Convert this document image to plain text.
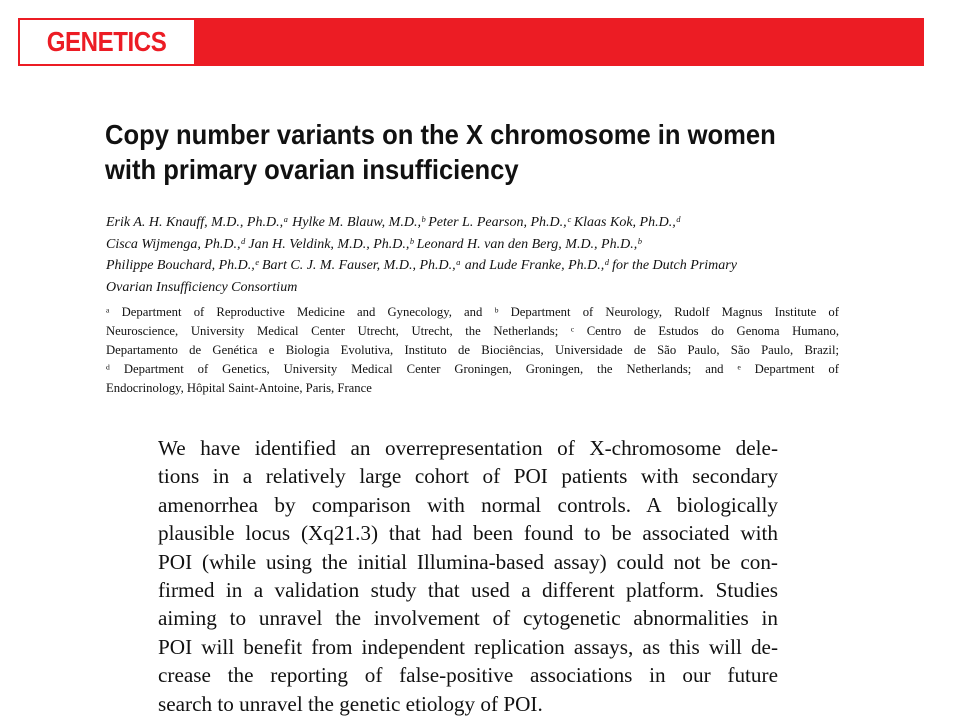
GENETICS
Copy number variants on the X chromosome in women
with primary ovarian insufficiency
Erik A. H. Knauff, M.D., Ph.D.,ᵃ Hylke M. Blauw, M.D.,ᵇ Peter L. Pearson, Ph.D.,ᶜ Klaas Kok, Ph.D.,ᵈ
Cisca Wijmenga, Ph.D.,ᵈ Jan H. Veldink, M.D., Ph.D.,ᵇ Leonard H. van den Berg, M.D., Ph.D.,ᵇ
Philippe Bouchard, Ph.D.,ᵉ Bart C. J. M. Fauser, M.D., Ph.D.,ᵃ and Lude Franke, Ph.D.,ᵈ for the Dutch Primary
Ovarian Insufficiency Consortium
ᵃ Department of Reproductive Medicine and Gynecology, and ᵇ Department of Neurology, Rudolf Magnus Institute of
Neuroscience, University Medical Center Utrecht, Utrecht, the Netherlands; ᶜ Centro de Estudos do Genoma Humano,
Departamento de Genética e Biologia Evolutiva, Instituto de Biociências, Universidade de São Paulo, São Paulo, Brazil;
ᵈ Department of Genetics, University Medical Center Groningen, Groningen, the Netherlands; and ᵉ Department of
Endocrinology, Hôpital Saint-Antoine, Paris, France
We have identified an overrepresentation of X-chromosome dele-
tions in a relatively large cohort of POI patients with secondary
amenorrhea by comparison with normal controls. A biologically
plausible locus (Xq21.3) that had been found to be associated with
POI (while using the initial Illumina-based assay) could not be con-
firmed in a validation study that used a different platform. Studies
aiming to unravel the involvement of cytogenetic abnormalities in
POI will benefit from independent replication assays, as this will de-
crease the reporting of false-positive associations in our future
search to unravel the genetic etiology of POI.
